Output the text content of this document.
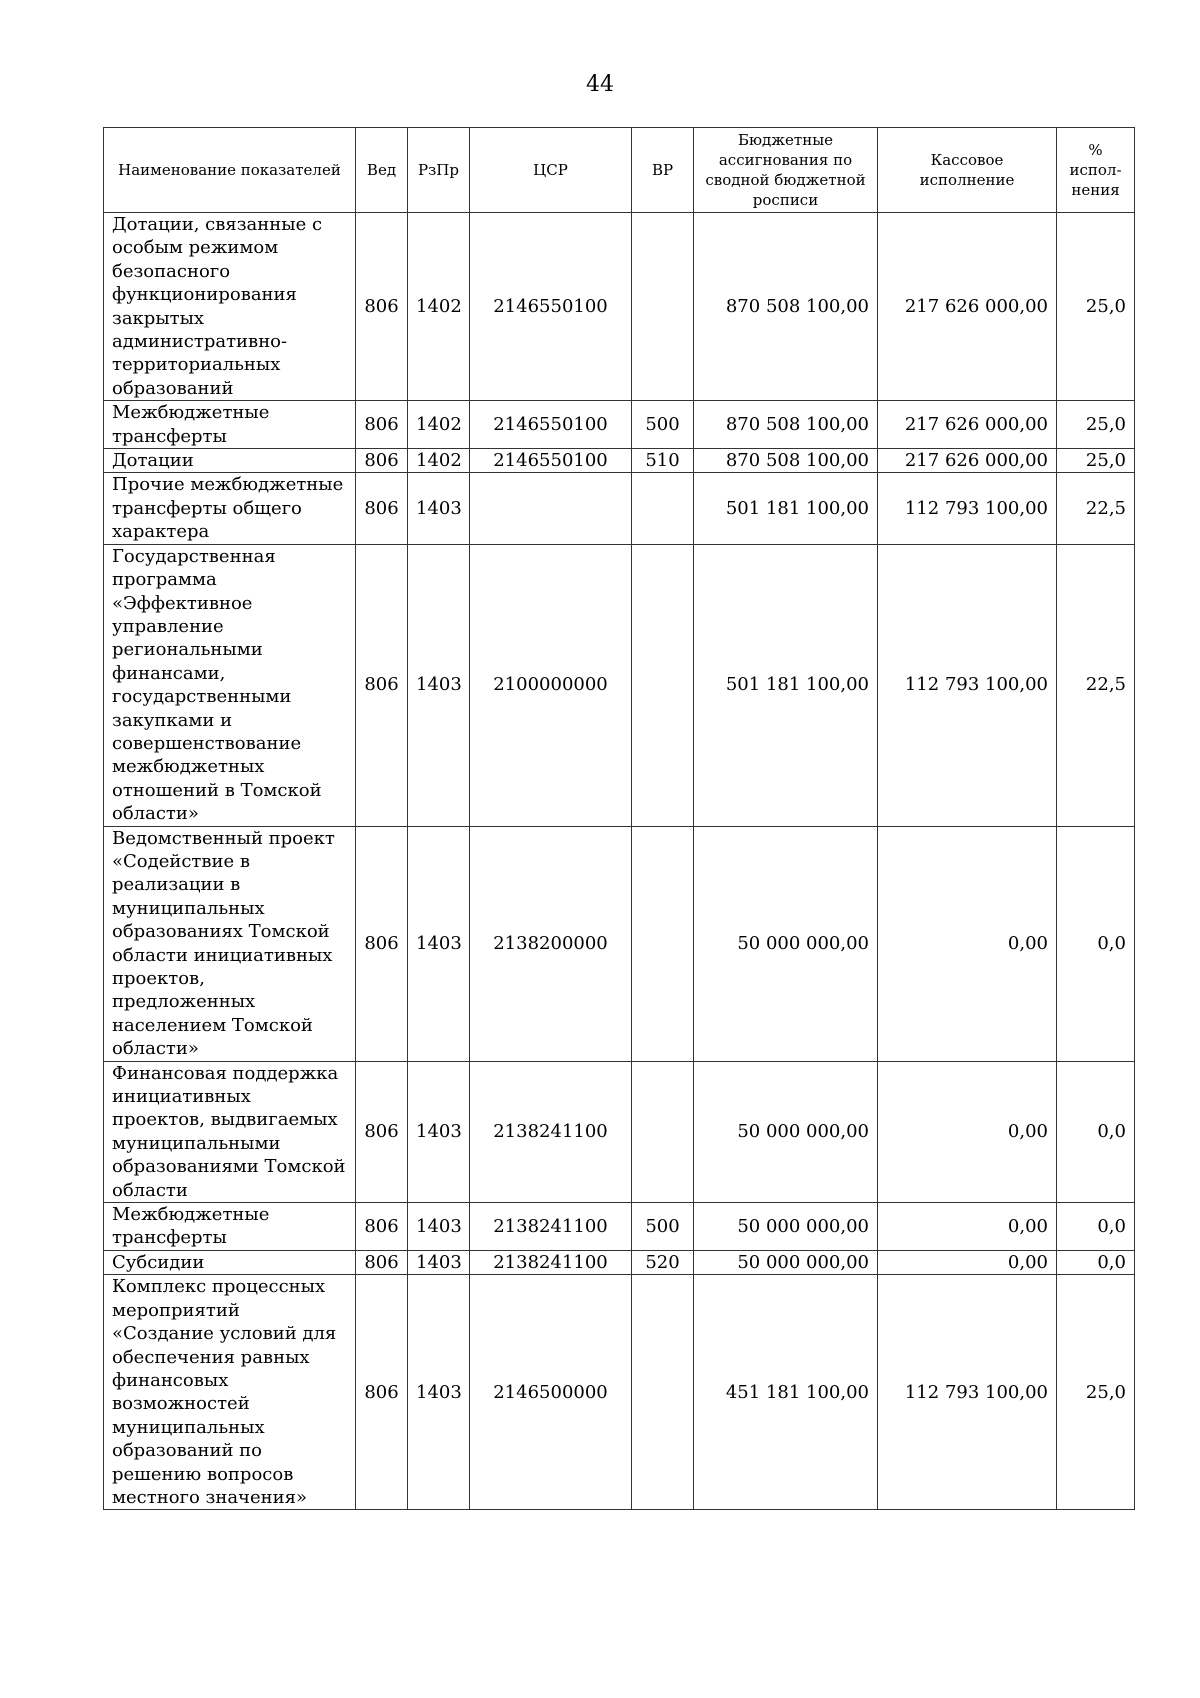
44
Наименование показателей	Вед	РзПр	ЦСР	ВР	Бюджетные ассигнования по сводной бюджетной росписи	Кассовое исполнение	% испол-нения
Дотации, связанные с особым режимом безопасного функционирования закрытых административно-территориальных образований	806	1402	2146550100		870 508 100,00	217 626 000,00	25,0
Межбюджетные трансферты	806	1402	2146550100	500	870 508 100,00	217 626 000,00	25,0
Дотации	806	1402	2146550100	510	870 508 100,00	217 626 000,00	25,0
Прочие межбюджетные трансферты общего характера	806	1403			501 181 100,00	112 793 100,00	22,5
Государственная программа «Эффективное управление региональными финансами, государственными закупками и совершенствование межбюджетных отношений в Томской области»	806	1403	2100000000		501 181 100,00	112 793 100,00	22,5
Ведомственный проект «Содействие в реализации в муниципальных образованиях Томской области инициативных проектов, предложенных населением Томской области»	806	1403	2138200000		50 000 000,00	0,00	0,0
Финансовая поддержка инициативных проектов, выдвигаемых муниципальными образованиями Томской области	806	1403	2138241100		50 000 000,00	0,00	0,0
Межбюджетные трансферты	806	1403	2138241100	500	50 000 000,00	0,00	0,0
Субсидии	806	1403	2138241100	520	50 000 000,00	0,00	0,0
Комплекс процессных мероприятий «Создание условий для обеспечения равных финансовых возможностей муниципальных образований по решению вопросов местного значения»	806	1403	2146500000		451 181 100,00	112 793 100,00	25,0
